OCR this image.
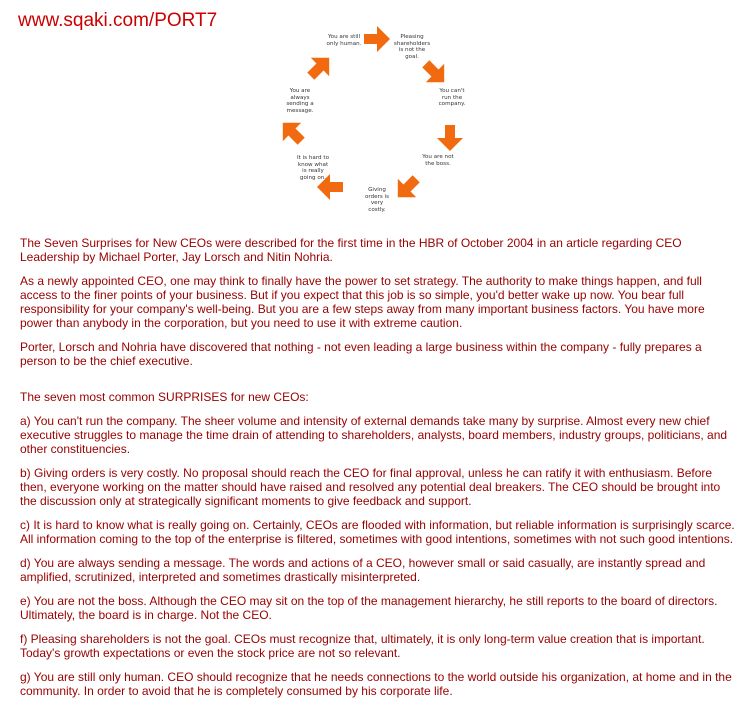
www.sqaki.com/PORT7
You are still only human.
Pleasing shareholders is not the goal.
You can't run the company.
You are not the boss.
Giving orders is very costly.
It is hard to know what is really going on.
You are always sending a message.

The Seven Surprises for New CEOs were described for the first time in the HBR of October 2004 in an article regarding CEO Leadership by Michael Porter, Jay Lorsch and Nitin Nohria.

As a newly appointed CEO, one may think to finally have the power to set strategy. The authority to make things happen, and full access to the finer points of your business. But if you expect that this job is so simple, you'd better wake up now. You bear full responsibility for your company's well-being. But you are a few steps away from many important business factors. You have more power than anybody in the corporation, but you need to use it with extreme caution.

Porter, Lorsch and Nohria have discovered that nothing - not even leading a large business within the company - fully prepares a person to be the chief executive.

The seven most common SURPRISES for new CEOs:

a) You can't run the company. The sheer volume and intensity of external demands take many by surprise. Almost every new chief executive struggles to manage the time drain of attending to shareholders, analysts, board members, industry groups, politicians, and other constituencies.

b) Giving orders is very costly. No proposal should reach the CEO for final approval, unless he can ratify it with enthusiasm. Before then, everyone working on the matter should have raised and resolved any potential deal breakers. The CEO should be brought into the discussion only at strategically significant moments to give feedback and support.

c) It is hard to know what is really going on. Certainly, CEOs are flooded with information, but reliable information is surprisingly scarce. All information coming to the top of the enterprise is filtered, sometimes with good intentions, sometimes with not such good intentions.

d) You are always sending a message. The words and actions of a CEO, however small or said casually, are instantly spread and amplified, scrutinized, interpreted and sometimes drastically misinterpreted.

e) You are not the boss. Although the CEO may sit on the top of the management hierarchy, he still reports to the board of directors. Ultimately, the board is in charge. Not the CEO.

f) Pleasing shareholders is not the goal. CEOs must recognize that, ultimately, it is only long-term value creation that is important. Today's growth expectations or even the stock price are not so relevant.

g) You are still only human. CEO should recognize that he needs connections to the world outside his organization, at home and in the community. In order to avoid that he is completely consumed by his corporate life.
